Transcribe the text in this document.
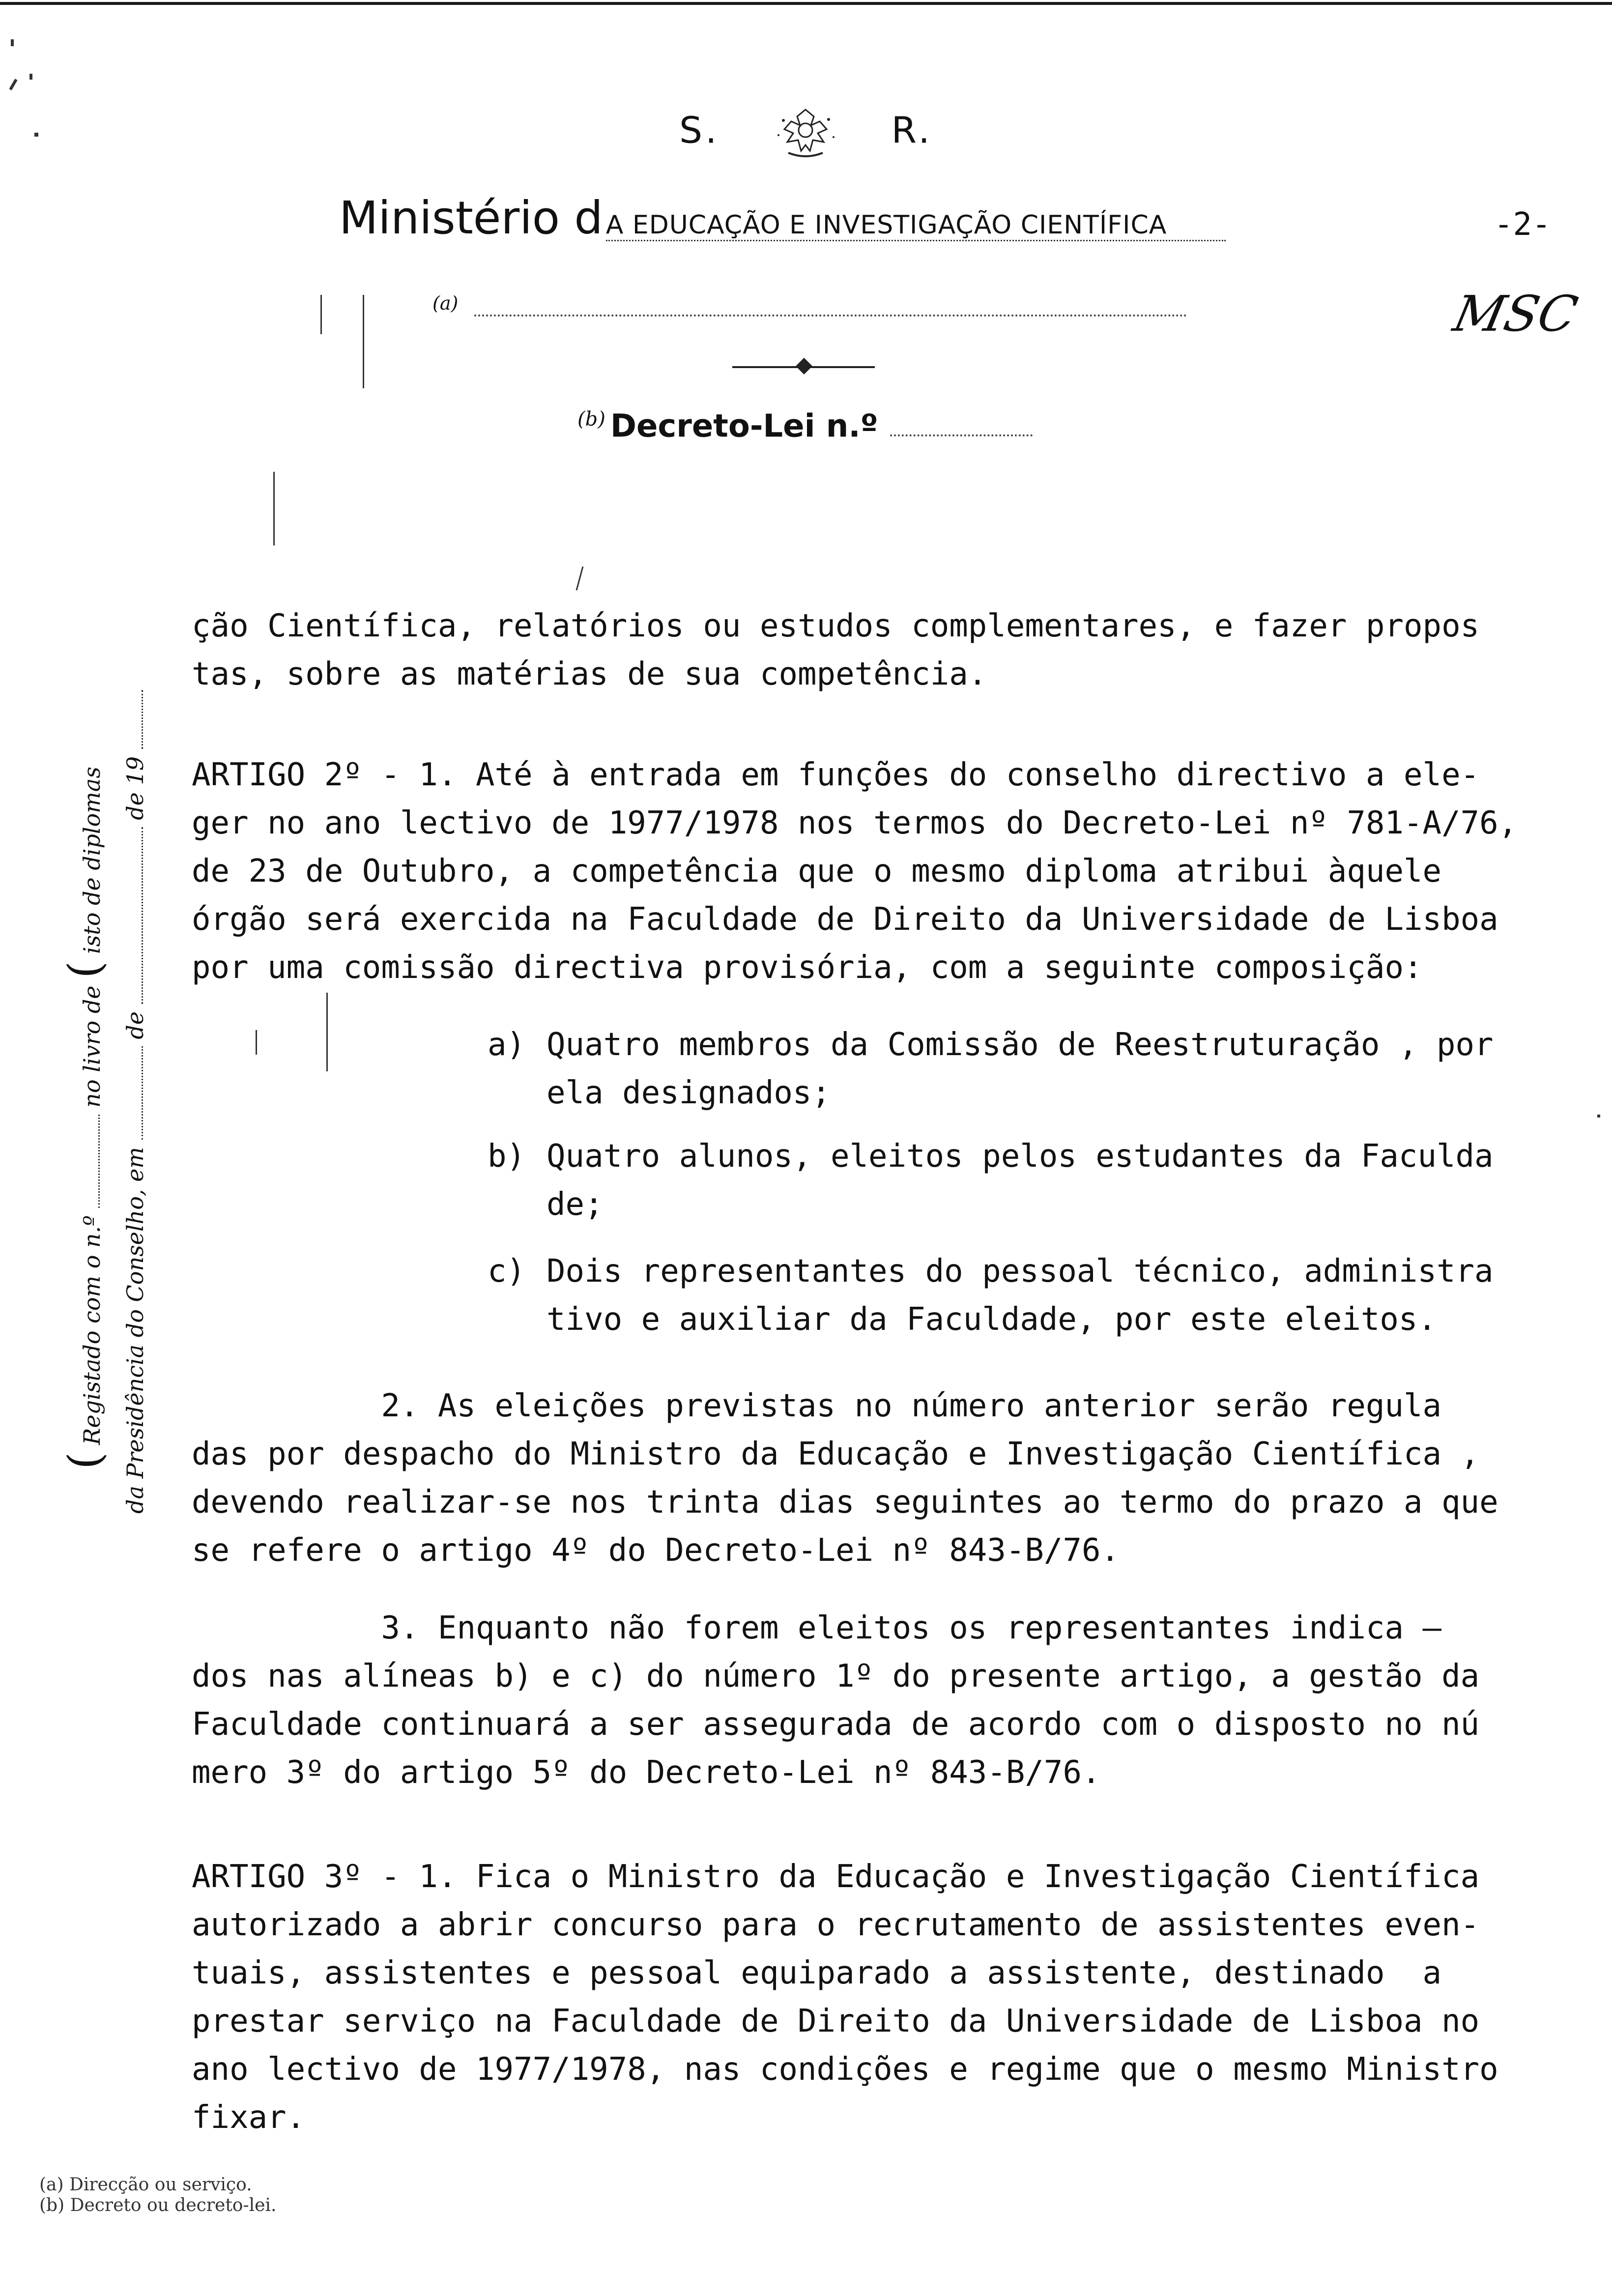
S.	R.
Ministério d A EDUCAÇÃO E INVESTIGAÇÃO CIENTÍFICA	-2-
(a)	MSC
$^{(b)}$ Decreto-Lei n.º
( Registado com o n.º  no livro de ( isto de diplomas
da Presidência do Conselho, em  de  de 19
ção Científica, relatórios ou estudos complementares, e fazer propos
tas, sobre as matérias de sua competência.
ARTIGO 2º - 1. Até à entrada em funções do conselho directivo a ele-
ger no ano lectivo de 1977/1978 nos termos do Decreto-Lei nº 781-A/76,
de 23 de Outubro, a competência que o mesmo diploma atribui àquele
órgão será exercida na Faculdade de Direito da Universidade de Lisboa
por uma comissão directiva provisória, com a seguinte composição:
a) Quatro membros da Comissão de Reestruturação , por
ela designados;
b) Quatro alunos, eleitos pelos estudantes da Faculda
de;
c) Dois representantes do pessoal técnico, administra
tivo e auxiliar da Faculdade, por este eleitos.
2. As eleições previstas no número anterior serão regula
das por despacho do Ministro da Educação e Investigação Científica ,
devendo realizar-se nos trinta dias seguintes ao termo do prazo a que
se refere o artigo 4º do Decreto-Lei nº 843-B/76.
3. Enquanto não forem eleitos os representantes indica —
dos nas alíneas b) e c) do número 1º do presente artigo, a gestão da
Faculdade continuará a ser assegurada de acordo com o disposto no nú
mero 3º do artigo 5º do Decreto-Lei nº 843-B/76.
ARTIGO 3º - 1. Fica o Ministro da Educação e Investigação Científica
autorizado a abrir concurso para o recrutamento de assistentes even-
tuais, assistentes e pessoal equiparado a assistente, destinado  a
prestar serviço na Faculdade de Direito da Universidade de Lisboa no
ano lectivo de 1977/1978, nas condições e regime que o mesmo Ministro
fixar.
(a) Direcção ou serviço.
(b) Decreto ou decreto-lei.
